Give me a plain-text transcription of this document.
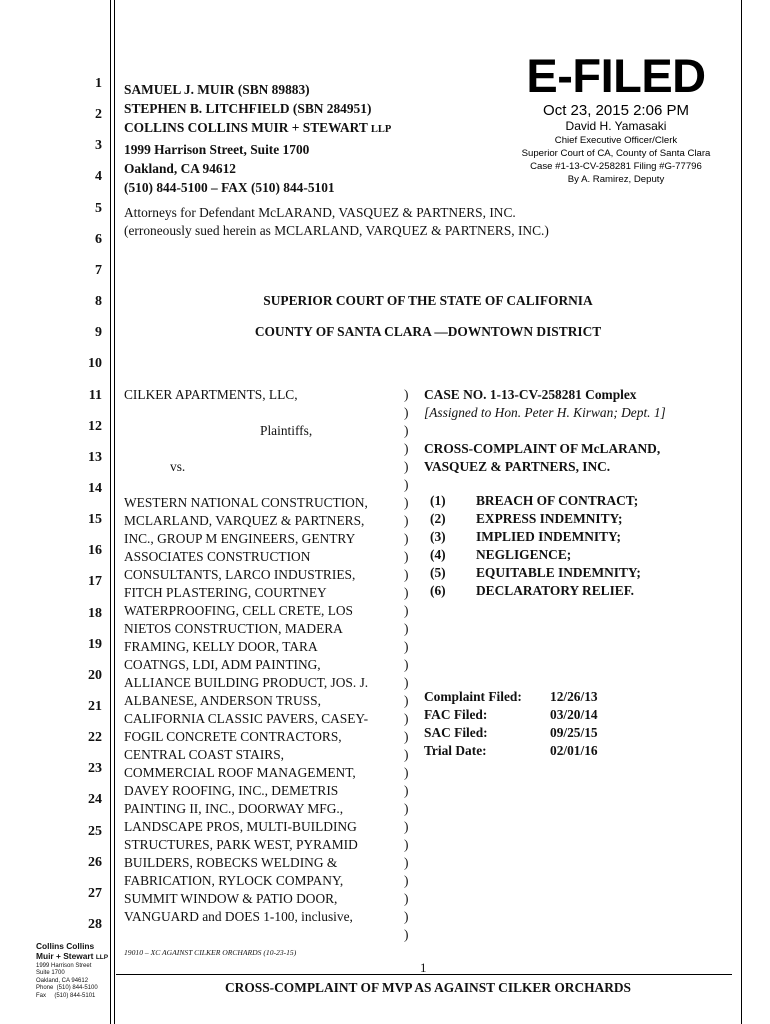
1
2
3
4
5
6
7
8
9
10
11
12
13
14
15
16
17
18
19
20
21
22
23
24
25
26
27
28
SAMUEL J. MUIR (SBN 89883)
STEPHEN B. LITCHFIELD (SBN 284951)
COLLINS COLLINS MUIR + STEWART LLP
1999 Harrison Street, Suite 1700
Oakland, CA 94612
(510) 844-5100 – FAX (510) 844-5101
E-FILED
Oct 23, 2015 2:06 PM
David H. Yamasaki
Chief Executive Officer/Clerk
Superior Court of CA, County of Santa Clara
Case #1-13-CV-258281 Filing #G-77796
By A. Ramirez, Deputy
Attorneys for Defendant McLARAND, VASQUEZ & PARTNERS, INC.
(erroneously sued herein as MCLARLAND, VARQUEZ & PARTNERS, INC.)
SUPERIOR COURT OF THE STATE OF CALIFORNIA
COUNTY OF SANTA CLARA —DOWNTOWN DISTRICT
CILKER APARTMENTS, LLC,

Plaintiffs,

vs.

WESTERN NATIONAL CONSTRUCTION,
MCLARLAND, VARQUEZ & PARTNERS,
INC., GROUP M ENGINEERS, GENTRY
ASSOCIATES CONSTRUCTION
CONSULTANTS, LARCO INDUSTRIES,
FITCH PLASTERING, COURTNEY
WATERPROOFING, CELL CRETE, LOS
NIETOS CONSTRUCTION, MADERA
FRAMING, KELLY DOOR, TARA
COATNGS, LDI, ADM PAINTING,
ALLIANCE BUILDING PRODUCT, JOS. J.
ALBANESE, ANDERSON TRUSS,
CALIFORNIA CLASSIC PAVERS, CASEY-
FOGIL CONCRETE CONTRACTORS,
CENTRAL COAST STAIRS,
COMMERCIAL ROOF MANAGEMENT,
DAVEY ROOFING, INC., DEMETRIS
PAINTING II, INC., DOORWAY MFG.,
LANDSCAPE PROS, MULTI-BUILDING
STRUCTURES, PARK WEST, PYRAMID
BUILDERS, ROBECKS WELDING &
FABRICATION, RYLOCK COMPANY,
SUMMIT WINDOW & PATIO DOOR,
VANGUARD and DOES 1-100, inclusive,
)
)
)
)
)
)
)
)
)
)
)
)
)
)
)
)
)
)
)
)
)
)
)
)
)
)
)
)
)
)
)
CASE NO. 1-13-CV-258281 Complex
[Assigned to Hon. Peter H. Kirwan; Dept. 1]
CROSS-COMPLAINT OF McLARAND,
VASQUEZ & PARTNERS, INC.
(1)	BREACH OF CONTRACT;
(2)	EXPRESS INDEMNITY;
(3)	IMPLIED INDEMNITY;
(4)	NEGLIGENCE;
(5)	EQUITABLE INDEMNITY;
(6)	DECLARATORY RELIEF.
Complaint Filed:	12/26/13
FAC Filed:	03/20/14
SAC Filed:	09/25/15
Trial Date:	02/01/16
Collins Collins
Muir + Stewart LLP
1999 Harrison Street
Suite 1700
Oakland, CA 94612
Phone  (510) 844-5100
Fax     (510) 844-5101
19010 – XC AGAINST CILKER ORCHARDS (10-23-15)
1
CROSS-COMPLAINT OF MVP AS AGAINST CILKER ORCHARDS
